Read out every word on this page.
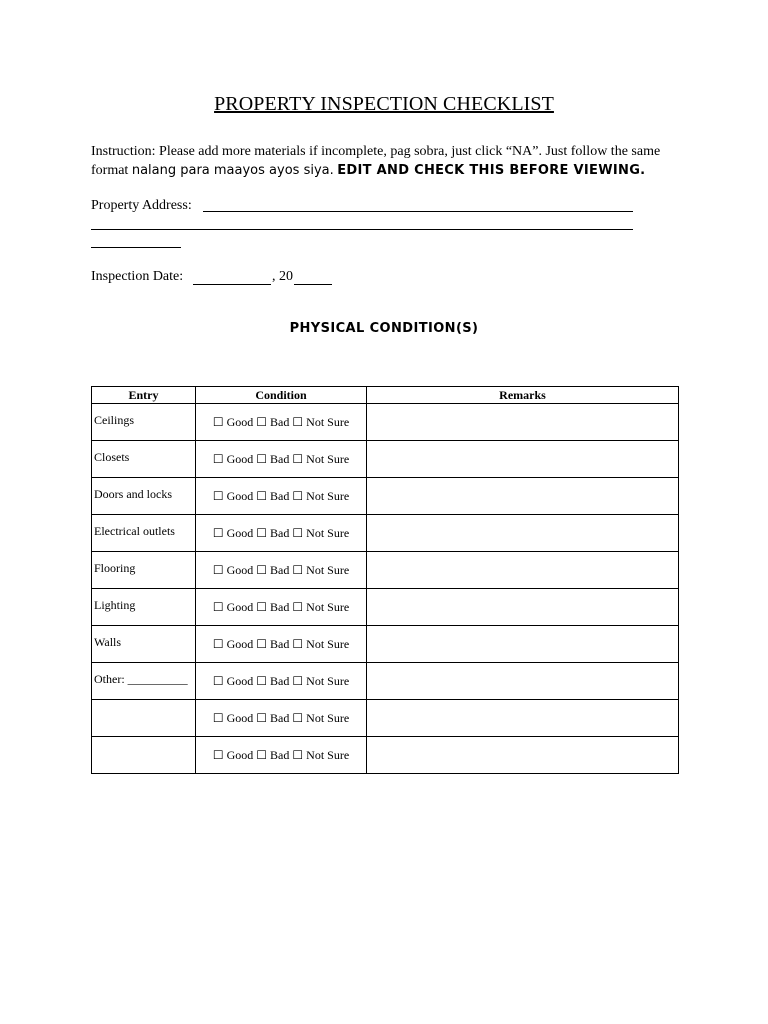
PROPERTY INSPECTION CHECKLIST
Instruction: Please add more materials if incomplete, pag sobra, just click “NA”. Just follow the same format nalang para maayos ayos siya. EDIT AND CHECK THIS BEFORE VIEWING.
Property Address:
Inspection Date:	, 20
PHYSICAL CONDITION(S)
Entry	Condition	Remarks
Ceilings	☐ Good ☐ Bad ☐ Not Sure	
Closets	☐ Good ☐ Bad ☐ Not Sure	
Doors and locks	☐ Good ☐ Bad ☐ Not Sure	
Electrical outlets	☐ Good ☐ Bad ☐ Not Sure	
Flooring	☐ Good ☐ Bad ☐ Not Sure	
Lighting	☐ Good ☐ Bad ☐ Not Sure	
Walls	☐ Good ☐ Bad ☐ Not Sure	
Other: __________	☐ Good ☐ Bad ☐ Not Sure	
	☐ Good ☐ Bad ☐ Not Sure	
	☐ Good ☐ Bad ☐ Not Sure	
